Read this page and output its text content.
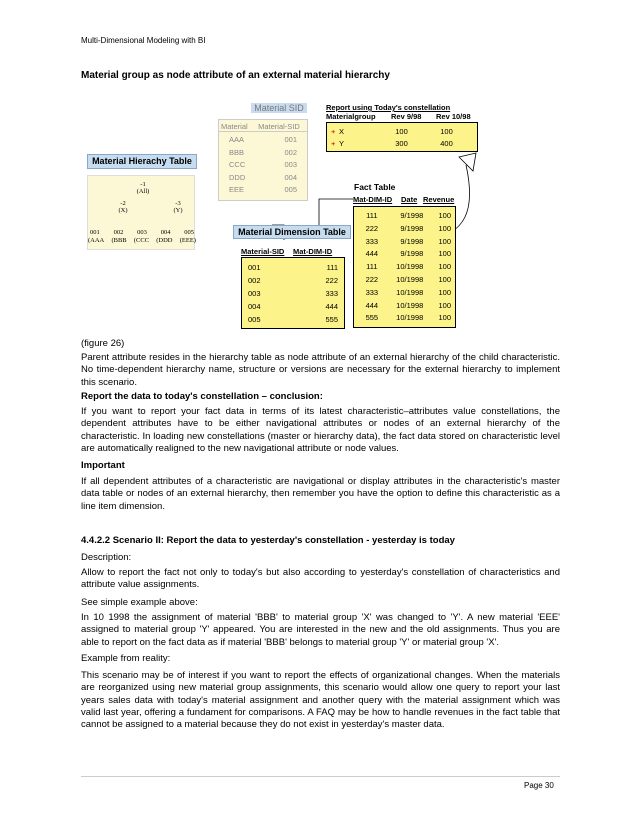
Multi-Dimensional Modeling with BI
Material group as node attribute of an external material hierarchy
Material SID
Material	Material-SID
AAA	001
BBB	002
CCC	003
DDD	004
EEE	005
Report using Today's constellation
Materialgroup	Rev 9/98	Rev 10/98
+ X	100	100
+ Y	300	400
Material Hierachy Table
-1
(All)
-2
(X)
-3
(Y)
001 002 003 004 005
(AAA (BBB (CCC (DDD (EEE)
Fact Table
Mat-DIM-ID	Date Revenue
111	9/1998	100
222	9/1998	100
333	9/1998	100
444	9/1998	100
111	10/1998	100
222	10/1998	100
333	10/1998	100
444	10/1998	100
555	10/1998	100
Material Dimension Table
Material-SID	Mat-DIM-ID
001	111
002	222
003	333
004	444
005	555
(figure 26)
Parent attribute resides in the hierarchy table as node attribute of an external hierarchy of the child characteristic. No time-dependent hierarchy name, structure or versions are necessary for the external hierarchy to implement this scenario.
Report the data to today's constellation – conclusion:
If you want to report your fact data in terms of its latest characteristic–attributes value constellations, the dependent attributes have to be either navigational attributes or nodes of an external hierarchy of the characteristic. In loading new constellations (master or hierarchy data), the fact data stored on characteristic level are automatically realigned to the new navigational attribute or node values.
Important
If all dependent attributes of a characteristic are navigational or display attributes in the characteristic's master data table or nodes of an external hierarchy, then remember you have the option to define this characteristic as a line item dimension.
4.4.2.2 Scenario II: Report the data to yesterday's constellation - yesterday is today
Description:
Allow to report the fact not only to today's but also according to yesterday's constellation of characteristics and attribute value assignments.
See simple example above:
In 10 1998 the assignment of material 'BBB' to material group 'X' was changed to 'Y'. A new material 'EEE' assigned to material group 'Y' appeared. You are interested in the new and the old assignments. Thus you are able to report on the fact data as if material 'BBB' belongs to material group 'Y' or material group 'X'.
Example from reality:
This scenario may be of interest if you want to report the effects of organizational changes. When the materials are reorganized using new material group assignments, this scenario would allow one query to report your last years sales data with today's material assignment and another query with the material assignment which was valid last year, offering a fundament for comparisons. A FAQ may be how to handle revenues in the fact table that cannot be assigned to a material because they do not exist in yesterday's master data.
Page 30
